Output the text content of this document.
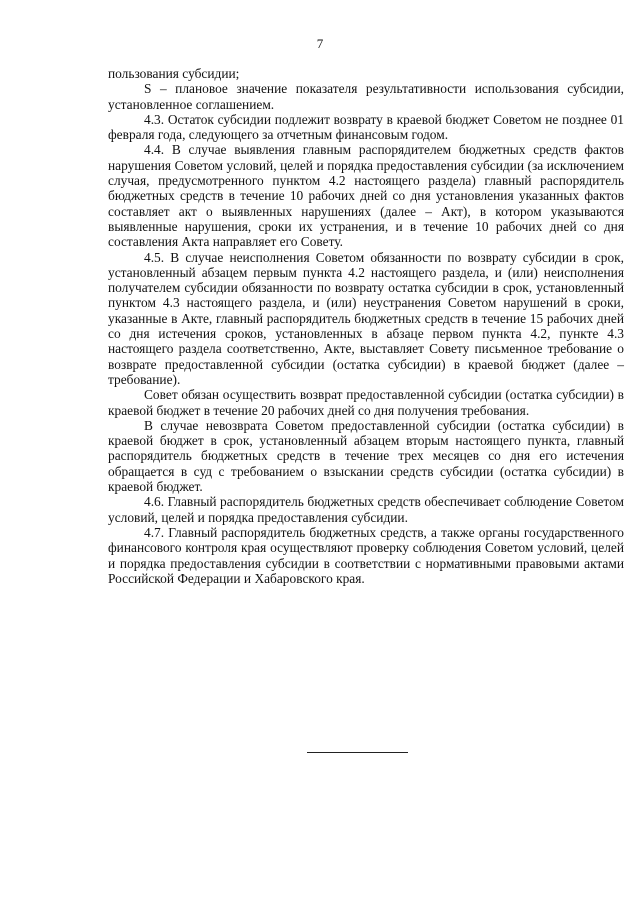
7

пользования субсидии;

S – плановое значение показателя результативности использования субсидии, установленное соглашением.

4.3. Остаток субсидии подлежит возврату в краевой бюджет Советом не позднее 01 февраля года, следующего за отчетным финансовым годом.

4.4. В случае выявления главным распорядителем бюджетных средств фактов нарушения Советом условий, целей и порядка предоставления субсидии (за исключением случая, предусмотренного пунктом 4.2 настоящего раздела) главный распорядитель бюджетных средств в течение 10 рабочих дней со дня установления указанных фактов составляет акт о выявленных нарушениях (далее – Акт), в котором указываются выявленные нарушения, сроки их устранения, и в течение 10 рабочих дней со дня составления Акта направляет его Совету.

4.5. В случае неисполнения Советом обязанности по возврату субсидии в срок, установленный абзацем первым пункта 4.2 настоящего раздела, и (или) неисполнения получателем субсидии обязанности по возврату остатка субсидии в срок, установленный пунктом 4.3 настоящего раздела, и (или) неустранения Советом нарушений в сроки, указанные в Акте, главный распорядитель бюджетных средств в течение 15 рабочих дней со дня истечения сроков, установленных в абзаце первом пункта 4.2, пункте 4.3 настоящего раздела соответственно, Акте, выставляет Совету письменное требование о возврате предоставленной субсидии (остатка субсидии) в краевой бюджет (далее – требование).

Совет обязан осуществить возврат предоставленной субсидии (остатка субсидии) в краевой бюджет в течение 20 рабочих дней со дня получения требования.

В случае невозврата Советом предоставленной субсидии (остатка субсидии) в краевой бюджет в срок, установленный абзацем вторым настоящего пункта, главный распорядитель бюджетных средств в течение трех месяцев со дня его истечения обращается в суд с требованием о взыскании средств субсидии (остатка субсидии) в краевой бюджет.

4.6. Главный распорядитель бюджетных средств обеспечивает соблюдение Советом условий, целей и порядка предоставления субсидии.

4.7. Главный распорядитель бюджетных средств, а также органы государственного финансового контроля края осуществляют проверку соблюдения Советом условий, целей и порядка предоставления субсидии в соответствии с нормативными правовыми актами Российской Федерации и Хабаровского края.
